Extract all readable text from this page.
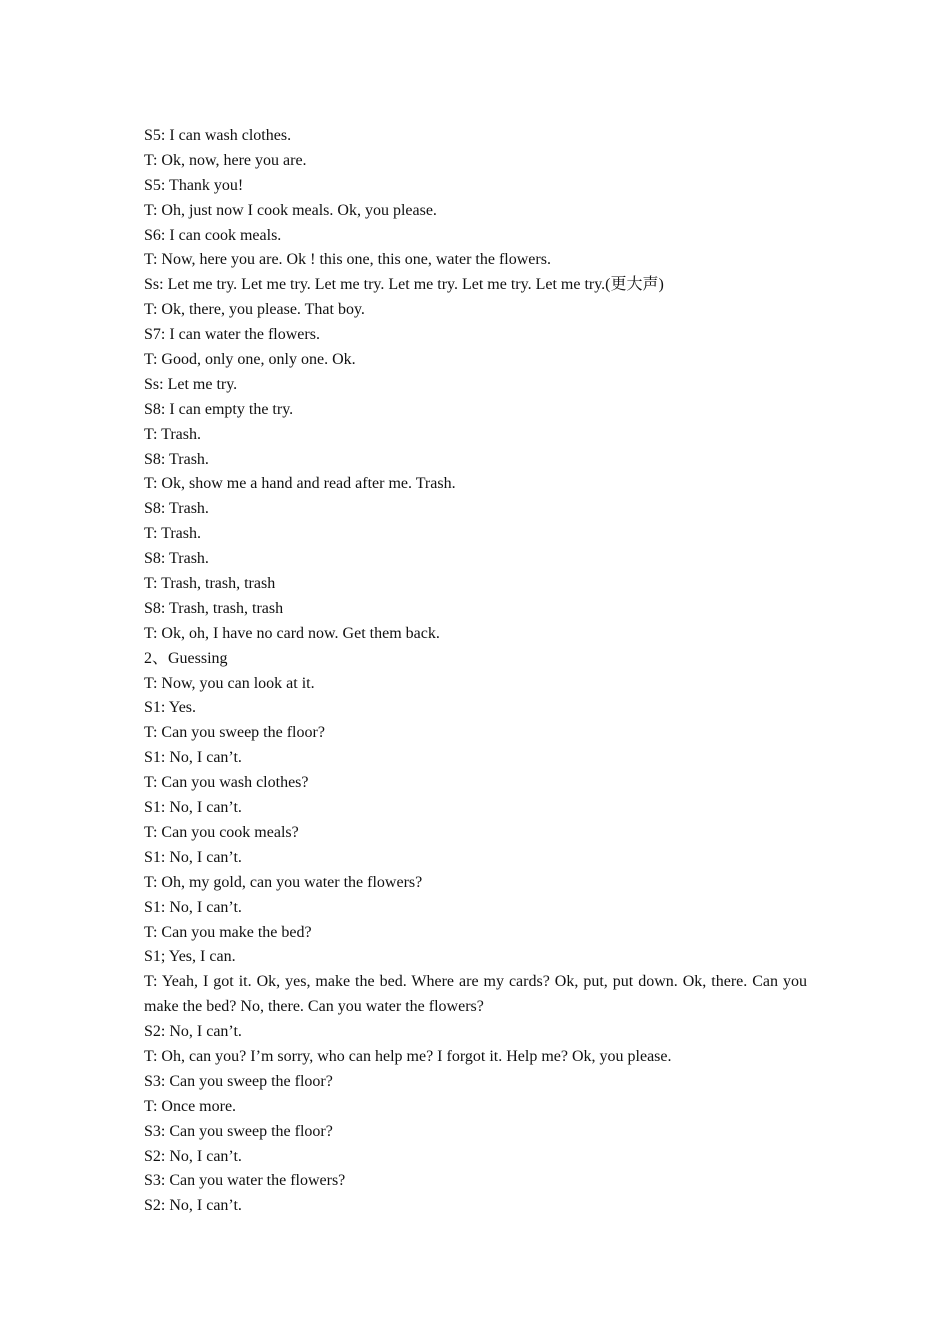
S5: I can wash clothes.

T: Ok, now, here you are.

S5: Thank you!

T: Oh, just now I cook meals. Ok, you please.

S6: I can cook meals.

T: Now, here you are. Ok ! this one, this one, water the flowers.

Ss: Let me try. Let me try. Let me try. Let me try. Let me try. Let me try.(更大声)

T: Ok, there, you please. That boy.

S7: I can water the flowers.

T: Good, only one, only one. Ok.

Ss: Let me try.

S8: I can empty the try.

T: Trash.

S8: Trash.

T: Ok, show me a hand and read after me. Trash.

S8: Trash.

T: Trash.

S8: Trash.

T: Trash, trash, trash

S8: Trash, trash, trash

T: Ok, oh, I have no card now. Get them back.

2、Guessing

T: Now, you can look at it.

S1: Yes.

T: Can you sweep the floor?

S1: No, I can’t.

T: Can you wash clothes?

S1: No, I can’t.

T: Can you cook meals?

S1: No, I can’t.

T: Oh, my gold, can you water the flowers?

S1: No, I can’t.

T: Can you make the bed?

S1; Yes, I can.

T: Yeah, I got it. Ok, yes, make the bed. Where are my cards? Ok, put, put down. Ok, there. Can you make the bed? No, there. Can you water the flowers?

S2: No, I can’t.

T: Oh, can you? I’m sorry, who can help me? I forgot it. Help me? Ok, you please.

S3: Can you sweep the floor?

T: Once more.

S3: Can you sweep the floor?

S2: No, I can’t.

S3: Can you water the flowers?

S2: No, I can’t.
